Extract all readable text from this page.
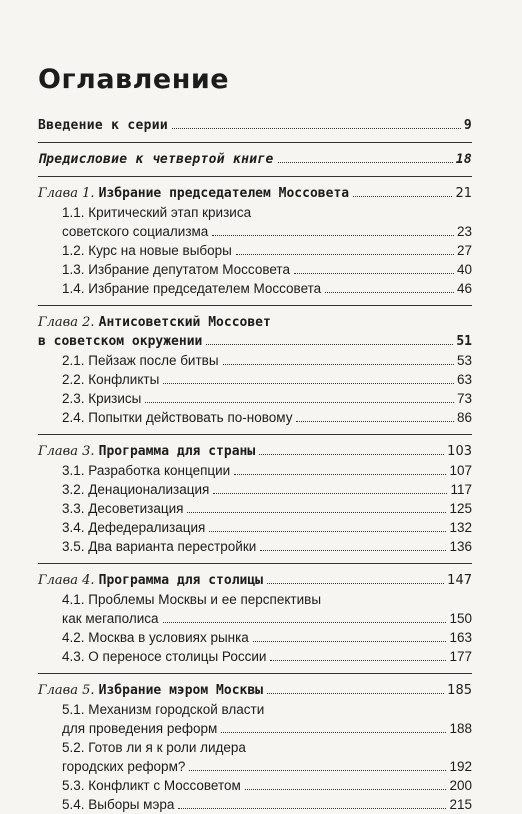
Оглавление
Введение к серии	9
Предисловие к четвертой книге	18
Глава 1. Избрание председателем Моссовета	21
1.1. Критический этап кризиса
советского социализма	23
1.2. Курс на новые выборы	27
1.3. Избрание депутатом Моссовета	40
1.4. Избрание председателем Моссовета	46
Глава 2.
Антисоветский Моссовет
в советском окружении	51
2.1. Пейзаж после битвы	53
2.2. Конфликты	63
2.3. Кризисы	73
2.4. Попытки действовать по-новому	86
Глава 3. Программа для страны	103
3.1. Разработка концепции	107
3.2. Денационализация	117
3.3. Десоветизация	125
3.4. Дефедерализация	132
3.5. Два варианта перестройки	136
Глава 4. Программа для столицы	147
4.1. Проблемы Москвы и ее перспективы
как мегаполиса	150
4.2. Москва в условиях рынка	163
4.3. О переносе столицы России	177
Глава 5. Избрание мэром Москвы	185
5.1. Механизм городской власти
для проведения реформ	188
5.2. Готов ли я к роли лидера
городских реформ?	192
5.3. Конфликт с Моссоветом	200
5.4. Выборы мэра	215
